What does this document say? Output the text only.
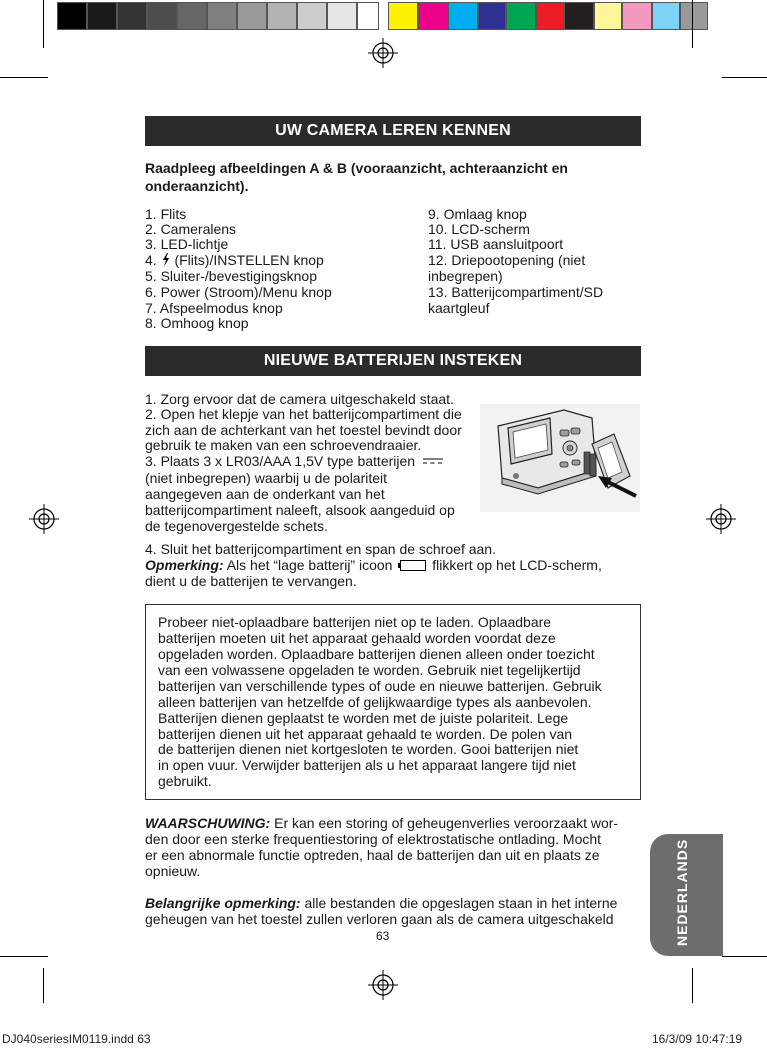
UW CAMERA LEREN KENNEN
Raadpleeg afbeeldingen A & B (vooraanzicht, achteraanzicht en
onderaanzicht).
1. Flits
2. Cameralens
3. LED-lichtje
4. (Flits)/INSTELLEN knop
5. Sluiter-/bevestigingsknop
6. Power (Stroom)/Menu knop
7. Afspeelmodus knop
8. Omhoog knop
9. Omlaag knop
10. LCD-scherm
11. USB aansluitpoort
12. Driepootopening (niet
inbegrepen)
13. Batterijcompartiment/SD
kaartgleuf
NIEUWE BATTERIJEN INSTEKEN
1. Zorg ervoor dat de camera uitgeschakeld staat.
2. Open het klepje van het batterijcompartiment die
zich aan de achterkant van het toestel bevindt door
gebruik te maken van een schroevendraaier.
3. Plaats 3 x LR03/AAA 1,5V type batterijen
(niet inbegrepen) waarbij u de polariteit
aangegeven aan de onderkant van het
batterijcompartiment naleeft, alsook aangeduid op
de tegenovergestelde schets.
4. Sluit het batterijcompartiment en span de schroef aan.
Opmerking: Als het “lage batterij” icoon	flikkert op het LCD-scherm,
dient u de batterijen te vervangen.
Probeer niet-oplaadbare batterijen niet op te laden. Oplaadbare
batterijen moeten uit het apparaat gehaald worden voordat deze
opgeladen worden. Oplaadbare batterijen dienen alleen onder toezicht
van een volwassene opgeladen te worden. Gebruik niet tegelijkertijd
batterijen van verschillende types of oude en nieuwe batterijen. Gebruik
alleen batterijen van hetzelfde of gelijkwaardige types als aanbevolen.
Batterijen dienen geplaatst te worden met de juiste polariteit. Lege
batterijen dienen uit het apparaat gehaald te worden. De polen van
de batterijen dienen niet kortgesloten te worden. Gooi batterijen niet
in open vuur. Verwijder batterijen als u het apparaat langere tijd niet
gebruikt.
WAARSCHUWING: Er kan een storing of geheugenverlies veroorzaakt wor-
den door een sterke frequentiestoring of elektrostatische ontlading. Mocht
er een abnormale functie optreden, haal de batterijen dan uit en plaats ze
opnieuw.
Belangrijke opmerking: alle bestanden die opgeslagen staan in het interne
geheugen van het toestel zullen verloren gaan als de camera uitgeschakeld
63	NEDERLANDS
DJ040seriesIM0119.indd 63	16/3/09 10:47:19
